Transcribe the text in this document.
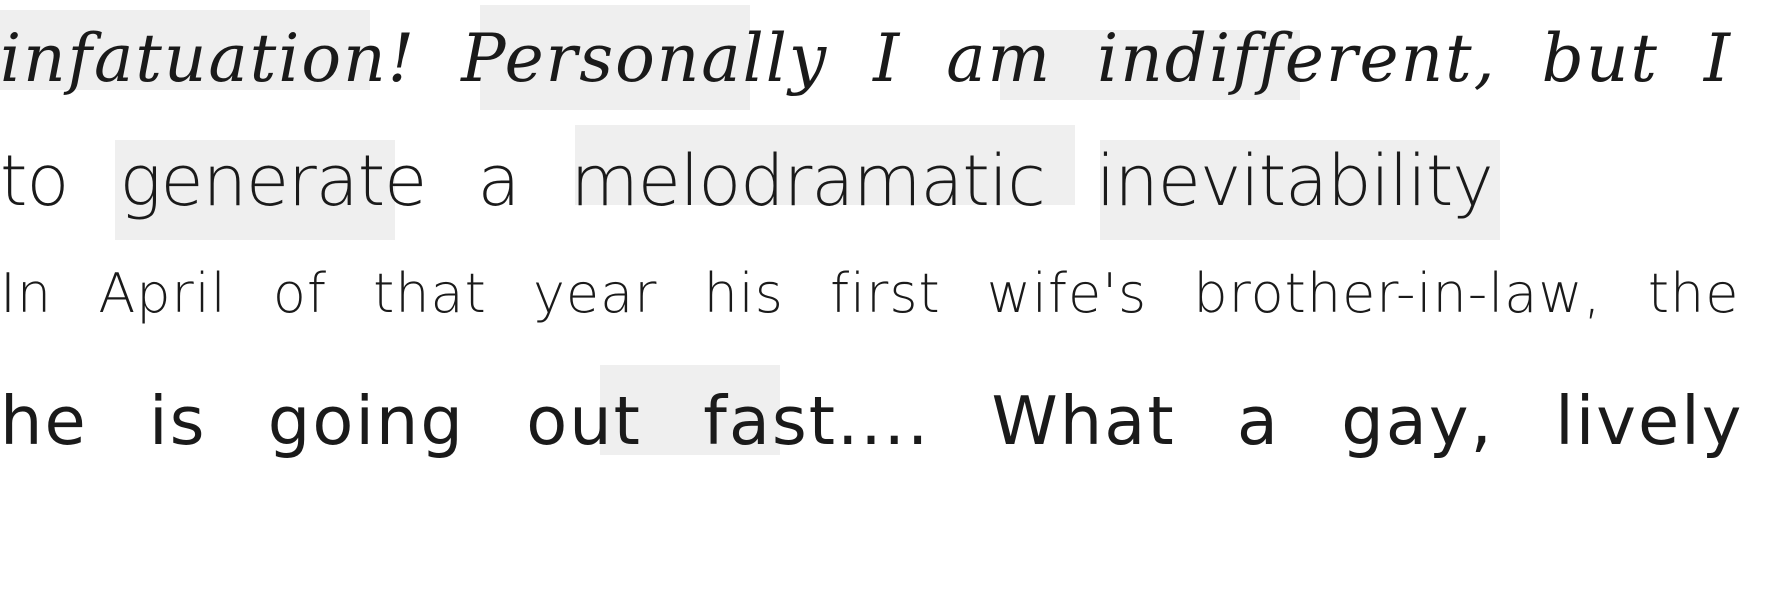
infatuation! Personally I am indifferent, but I
to generate a melodramatic inevitability
In April of that year his first wife's brother-in-law, the
he is going out fast.... What a gay, lively
